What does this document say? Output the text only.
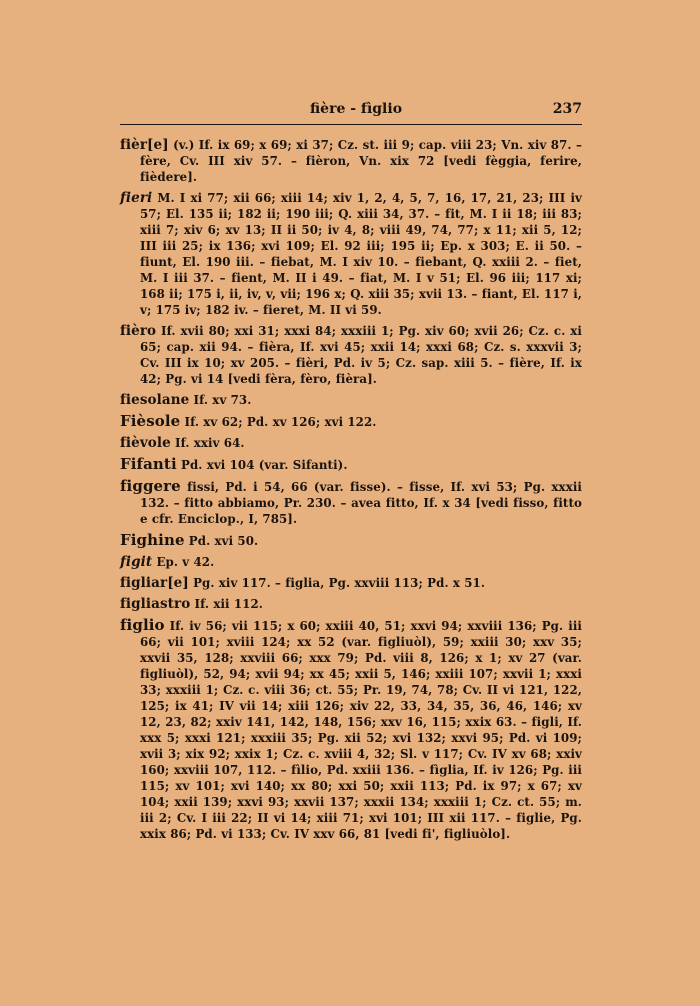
fière - fìglio	237

fièr[e] (v.) If. ix 69; x 69; xi 37; Cz. st. iii 9; cap. viii 23; Vn. xiv 87. – fère, Cv. III xiv 57. – fièron, Vn. xix 72 [vedi fèggia, ferire, fièdere].

fieri M. I xi 77; xii 66; xiii 14; xiv 1, 2, 4, 5, 7, 16, 17, 21, 23; III iv 57; El. 135 ii; 182 ii; 190 iii; Q. xiii 34, 37. – fit, M. I ii 18; iii 83; xiii 7; xiv 6; xv 13; II ii 50; iv 4, 8; viii 49, 74, 77; x 11; xii 5, 12; III iii 25; ix 136; xvi 109; El. 92 iii; 195 ii; Ep. x 303; E. ii 50. – fiunt, El. 190 iii. – fiebat, M. I xiv 10. – fiebant, Q. xxiii 2. – fiet, M. I iii 37. – fient, M. II i 49. – fiat, M. I v 51; El. 96 iii; 117 xi; 168 ii; 175 i, ii, iv, v, vii; 196 x; Q. xiii 35; xvii 13. – fiant, El. 117 i, v; 175 iv; 182 iv. – fieret, M. II vi 59.

fièro If. xvii 80; xxi 31; xxxi 84; xxxiii 1; Pg. xiv 60; xvii 26; Cz. c. xi 65; cap. xii 94. – fièra, If. xvi 45; xxii 14; xxxi 68; Cz. s. xxxvii 3; Cv. III ix 10; xv 205. – fièri, Pd. iv 5; Cz. sap. xiii 5. – fière, If. ix 42; Pg. vi 14 [vedi fèra, fèro, fièra].

fiesolane If. xv 73.

Fièsole If. xv 62; Pd. xv 126; xvi 122.

fièvole If. xxiv 64.

Fifanti Pd. xvi 104 (var. Sifanti).

figgere fissi, Pd. i 54, 66 (var. fisse). – fisse, If. xvi 53; Pg. xxxii 132. – fitto abbiamo, Pr. 230. – avea fitto, If. x 34 [vedi fisso, fitto e cfr. Enciclop., I, 785].

Fighine Pd. xvi 50.

figit Ep. v 42.

figliar[e] Pg. xiv 117. – figlia, Pg. xxviii 113; Pd. x 51.

figliastro If. xii 112.

figlio If. iv 56; vii 115; x 60; xxiii 40, 51; xxvi 94; xxviii 136; Pg. iii 66; vii 101; xviii 124; xx 52 (var. figliuòl), 59; xxiii 30; xxv 35; xxvii 35, 128; xxviii 66; xxx 79; Pd. viii 8, 126; x 1; xv 27 (var. figliuòl), 52, 94; xvii 94; xx 45; xxii 5, 146; xxiii 107; xxvii 1; xxxi 33; xxxiii 1; Cz. c. viii 36; ct. 55; Pr. 19, 74, 78; Cv. II vi 121, 122, 125; ix 41; IV vii 14; xiii 126; xiv 22, 33, 34, 35, 36, 46, 146; xv 12, 23, 82; xxiv 141, 142, 148, 156; xxv 16, 115; xxix 63. – figli, If. xxx 5; xxxi 121; xxxiii 35; Pg. xii 52; xvi 132; xxvi 95; Pd. vi 109; xvii 3; xix 92; xxix 1; Cz. c. xviii 4, 32; Sl. v 117; Cv. IV xv 68; xxiv 160; xxviii 107, 112. – fìlio, Pd. xxiii 136. – fìglia, If. iv 126; Pg. iii 115; xv 101; xvi 140; xx 80; xxi 50; xxii 113; Pd. ix 97; x 67; xv 104; xxii 139; xxvi 93; xxvii 137; xxxii 134; xxxiii 1; Cz. ct. 55; m. iii 2; Cv. I iii 22; II vi 14; xiii 71; xvi 101; III xii 117. – figlie, Pg. xxix 86; Pd. vi 133; Cv. IV xxv 66, 81 [vedi fi', figliuòlo].
